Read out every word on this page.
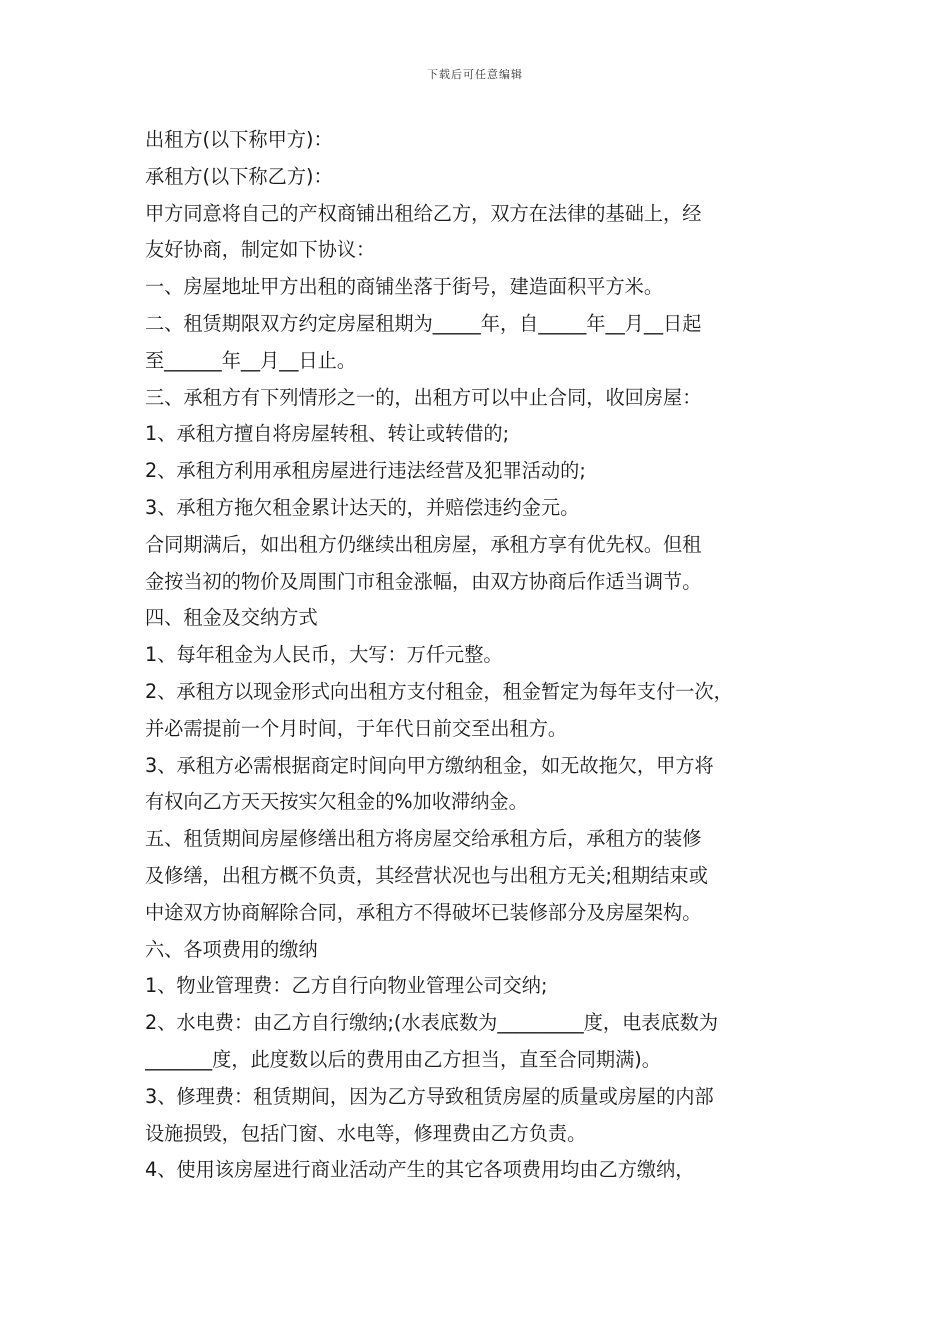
下载后可任意编辑
出租方(以下称甲方)：
承租方(以下称乙方)：
甲方同意将自己的产权商铺出租给乙方，双方在法律的基础上，经
友好协商，制定如下协议：
一、房屋地址甲方出租的商铺坐落于街号，建造面积平方米。
二、租赁期限双方约定房屋租期为_____年，自_____年__月__日起
至______年__月__日止。
三、承租方有下列情形之一的，出租方可以中止合同，收回房屋：
1、承租方擅自将房屋转租、转让或转借的;
2、承租方利用承租房屋进行违法经营及犯罪活动的;
3、承租方拖欠租金累计达天的，并赔偿违约金元。
合同期满后，如出租方仍继续出租房屋，承租方享有优先权。但租
金按当初的物价及周围门市租金涨幅，由双方协商后作适当调节。
四、租金及交纳方式
1、每年租金为人民币，大写：万仟元整。
2、承租方以现金形式向出租方支付租金，租金暂定为每年支付一次，
并必需提前一个月时间，于年代日前交至出租方。
3、承租方必需根据商定时间向甲方缴纳租金，如无故拖欠，甲方将
有权向乙方天天按实欠租金的%加收滞纳金。
五、租赁期间房屋修缮出租方将房屋交给承租方后，承租方的装修
及修缮，出租方概不负责，其经营状况也与出租方无关;租期结束或
中途双方协商解除合同，承租方不得破坏已装修部分及房屋架构。
六、各项费用的缴纳
1、物业管理费：乙方自行向物业管理公司交纳;
2、水电费：由乙方自行缴纳;(水表底数为_________度，电表底数为
_______度，此度数以后的费用由乙方担当，直至合同期满)。
3、修理费：租赁期间，因为乙方导致租赁房屋的质量或房屋的内部
设施损毁，包括门窗、水电等，修理费由乙方负责。
4、使用该房屋进行商业活动产生的其它各项费用均由乙方缴纳，
